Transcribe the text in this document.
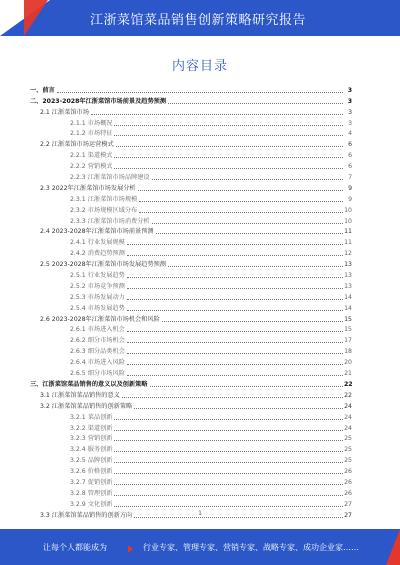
江浙菜馆菜品销售创新策略研究报告
内容目录
一、前言	3
二、2023-2028年江浙菜馆市场前景及趋势预测	3
2.1 江浙菜馆市场	3
2.1.1 市场概况	3
2.1.2 市场特征	4
2.2 江浙菜馆市场运营模式	6
2.2.1 渠道模式	6
2.2.2 营销模式	6
2.2.3 江浙菜馆市场品牌建设	7
2.3 2022年江浙菜馆市场发展分析	9
2.3.1 江浙菜馆市场规模	9
2.3.2 市场规模区域分布	10
2.3.3 江浙菜馆市场消费分析	10
2.4 2023-2028年江浙菜馆市场前景预测	11
2.4.1 行业发展规模	11
2.4.2 消费趋势预测	12
2.5 2023-2028年江浙菜馆市场发展趋势预测	13
2.5.1 行业发展趋势	13
2.5.2 市场竞争预测	13
2.5.3 市场发展动力	14
2.5.4 市场发展趋势	14
2.6 2023-2028年江浙菜馆市场机会和风险	15
2.6.1 市场进入机会	15
2.6.2 细分市场机会	17
2.6.3 细分品类机会	18
2.6.4 市场进入风险	20
2.6.5 细分市场风险	21
三、江浙菜馆菜品销售的意义以及创新策略	22
3.1 江浙菜馆菜品销售的意义	22
3.2 江浙菜馆菜品销售的创新策略	24
3.2.1 菜品创新	24
3.2.2 渠道创新	24
3.2.3 营销创新	25
3.2.4 服务创新	25
3.2.5 品牌创新	25
3.2.6 价格创新	26
3.2.7 促销创新	26
3.2.8 管理创新	26
3.2.9 文化创新	27
3.3 江浙菜馆菜品销售的创新方向	27
1
让每个人都能成为	行业专家、管理专家、营销专家、战略专家、成功企业家……
